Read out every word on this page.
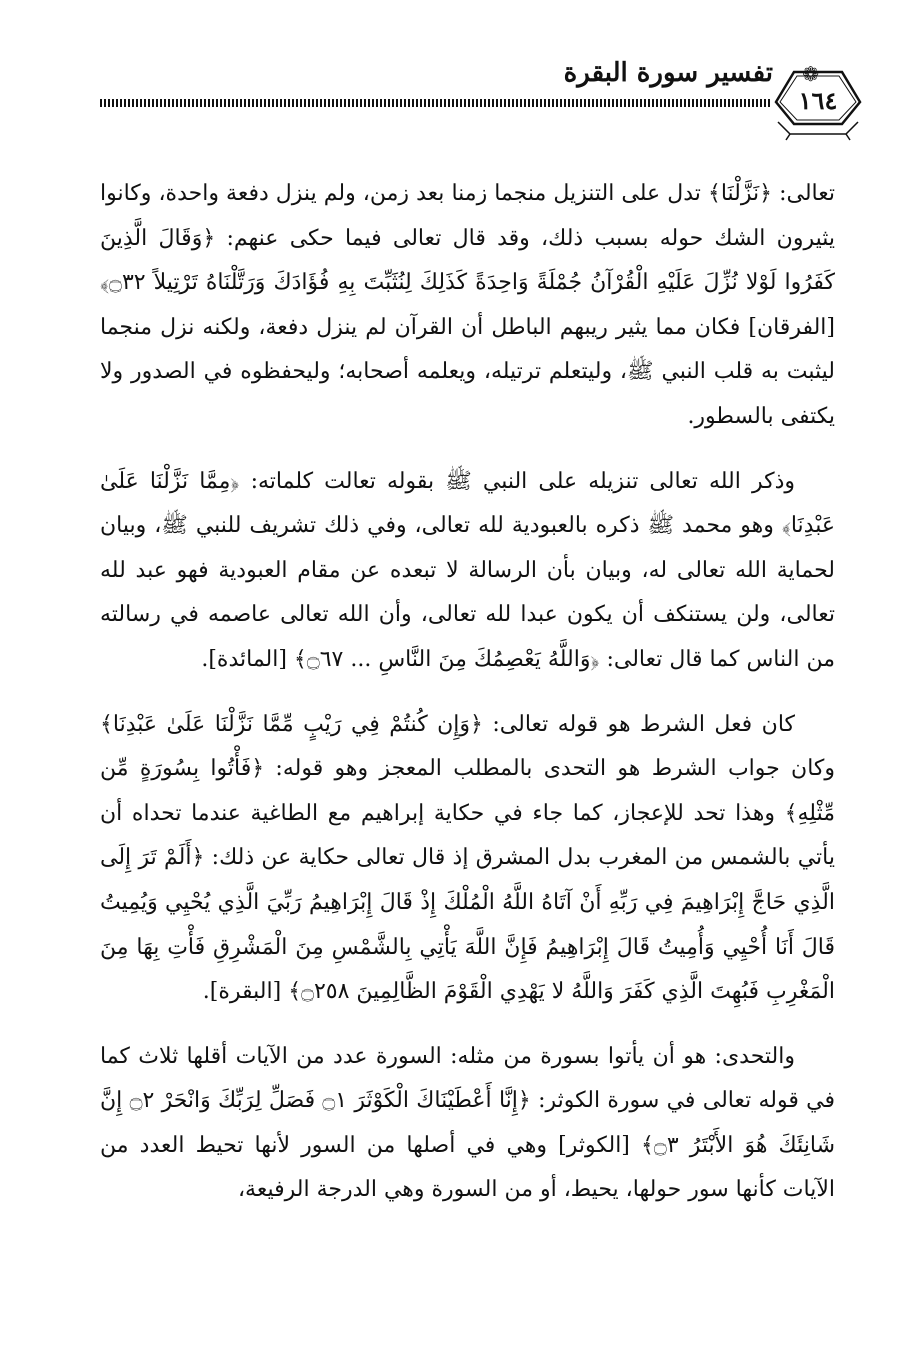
تفسير سورة البقرة ❁
١٦٤

تعالى: ﴿نَزَّلْنَا﴾ تدل على التنزيل منجما زمنا بعد زمن، ولم ينزل دفعة واحدة، وكانوا يثيرون الشك حوله بسبب ذلك، وقد قال تعالى فيما حكى عنهم: ﴿وَقَالَ الَّذِينَ كَفَرُوا لَوْلا نُزِّلَ عَلَيْهِ الْقُرْآنُ جُمْلَةً وَاحِدَةً كَذَلِكَ لِنُثَبِّتَ بِهِ فُؤَادَكَ وَرَتَّلْنَاهُ تَرْتِيلاً ۝٣٢﴾ [الفرقان] فكان مما يثير ريبهم الباطل أن القرآن لم ينزل دفعة، ولكنه نزل منجما ليثبت به قلب النبي ﷺ، وليتعلم ترتيله، ويعلمه أصحابه؛ وليحفظوه في الصدور ولا يكتفى بالسطور.

وذكر الله تعالى تنزيله على النبي ﷺ بقوله تعالت كلماته: ﴿مِمَّا نَزَّلْنَا عَلَىٰ عَبْدِنَا﴾ وهو محمد ﷺ ذكره بالعبودية لله تعالى، وفي ذلك تشريف للنبي ﷺ، وبيان لحماية الله تعالى له، وبيان بأن الرسالة لا تبعده عن مقام العبودية فهو عبد لله تعالى، ولن يستنكف أن يكون عبدا لله تعالى، وأن الله تعالى عاصمه في رسالته من الناس كما قال تعالى: ﴿وَاللَّهُ يَعْصِمُكَ مِنَ النَّاسِ ... ۝٦٧﴾ [المائدة].

كان فعل الشرط هو قوله تعالى: ﴿وَإِن كُنتُمْ فِي رَيْبٍ مِّمَّا نَزَّلْنَا عَلَىٰ عَبْدِنَا﴾ وكان جواب الشرط هو التحدى بالمطلب المعجز وهو قوله: ﴿فَأْتُوا بِسُورَةٍ مِّن مِّثْلِهِ﴾ وهذا تحد للإعجاز، كما جاء في حكاية إبراهيم مع الطاغية عندما تحداه أن يأتي بالشمس من المغرب بدل المشرق إذ قال تعالى حكاية عن ذلك: ﴿أَلَمْ تَرَ إِلَى الَّذِي حَاجَّ إِبْرَاهِيمَ فِي رَبِّهِ أَنْ آتَاهُ اللَّهُ الْمُلْكَ إِذْ قَالَ إِبْرَاهِيمُ رَبِّيَ الَّذِي يُحْيِي وَيُمِيتُ قَالَ أَنَا أُحْيِي وَأُمِيتُ قَالَ إِبْرَاهِيمُ فَإِنَّ اللَّهَ يَأْتِي بِالشَّمْسِ مِنَ الْمَشْرِقِ فَأْتِ بِهَا مِنَ الْمَغْرِبِ فَبُهِتَ الَّذِي كَفَرَ وَاللَّهُ لا يَهْدِي الْقَوْمَ الظَّالِمِينَ ۝٢٥٨﴾ [البقرة].

والتحدى: هو أن يأتوا بسورة من مثله: السورة عدد من الآيات أقلها ثلاث كما في قوله تعالى في سورة الكوثر: ﴿إِنَّا أَعْطَيْنَاكَ الْكَوْثَرَ ۝١ فَصَلِّ لِرَبِّكَ وَانْحَرْ ۝٢ إِنَّ شَانِئَكَ هُوَ الأَبْتَرُ ۝٣﴾ [الكوثر] وهي في أصلها من السور لأنها تحيط العدد من الآيات كأنها سور حولها، يحيط، أو من السورة وهي الدرجة الرفيعة،
